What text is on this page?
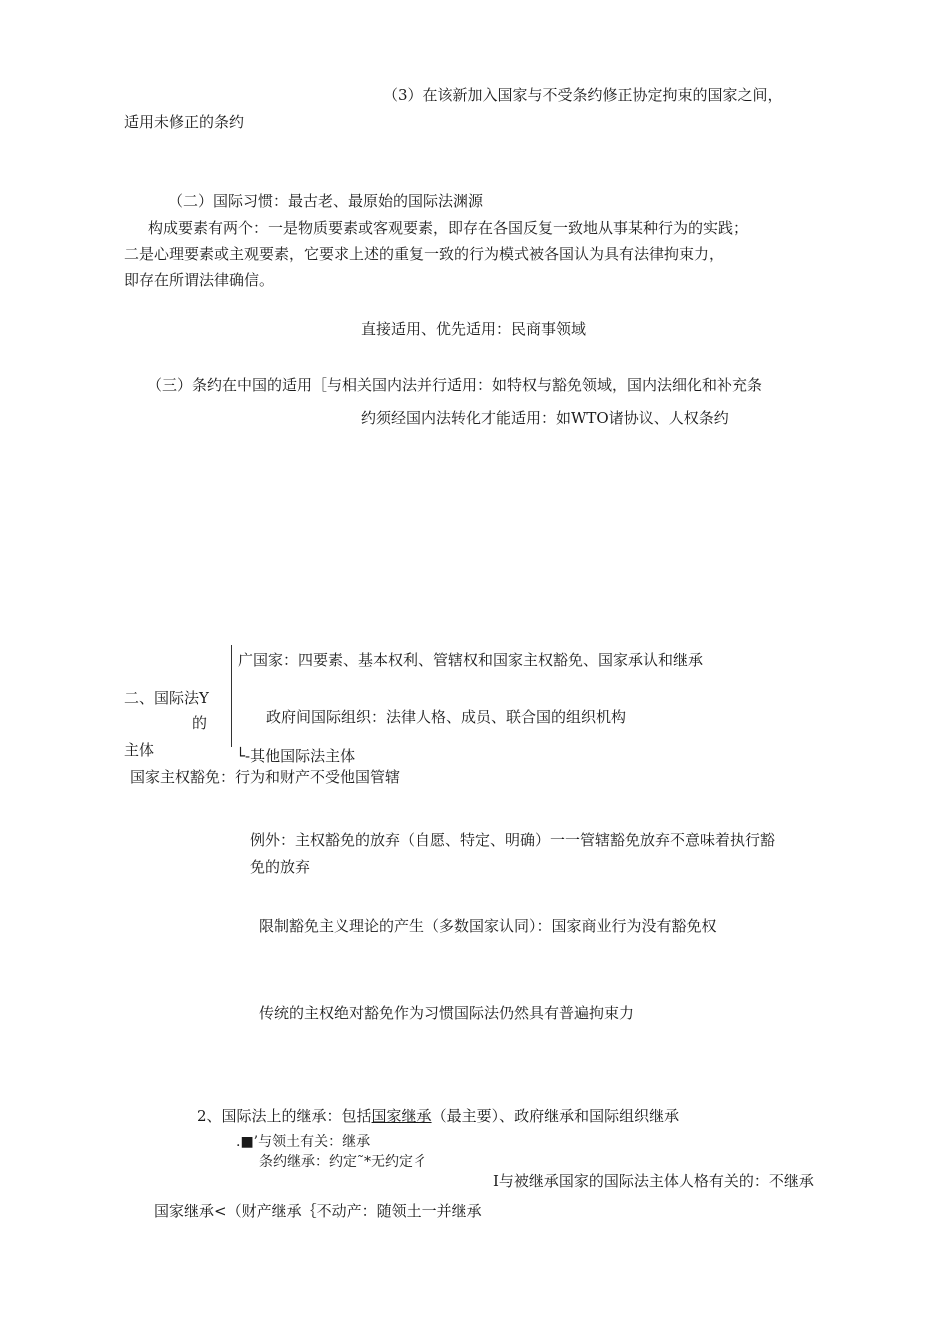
（3）在该新加入国家与不受条约修正协定拘束的国家之间，
适用未修正的条约
（二）国际习惯：最古老、最原始的国际法渊源
构成要素有两个：一是物质要素或客观要素，即存在各国反复一致地从事某种行为的实践；
二是心理要素或主观要素，它要求上述的重复一致的行为模式被各国认为具有法律拘束力，
即存在所谓法律确信。
直接适用、优先适用：民商事领域
（三）条约在中国的适用［与相关国内法并行适用：如特权与豁免领域，国内法细化和补充条
约须经国内法转化才能适用：如WTO诸协议、人权条约
广国家：四要素、基本权利、管辖权和国家主权豁免、国家承认和继承
二、国际法Y
的	政府间国际组织：法律人格、成员、联合国的组织机构
主体	└-其他国际法主体
国家主权豁免：行为和财产不受他国管辖
例外：主权豁免的放弃（自愿、特定、明确）一一管辖豁免放弃不意味着执行豁
免的放弃
限制豁免主义理论的产生（多数国家认同）：国家商业行为没有豁免权
传统的主权绝对豁免作为习惯国际法仍然具有普遍拘束力
2、国际法上的继承：包括国家继承（最主要）、政府继承和国际组织继承
.■’与领土有关：继承
条约继承：约定˜*无约定彳
I与被继承国家的国际法主体人格有关的：不继承
国家继承<（财产继承｛不动产：随领土一并继承
